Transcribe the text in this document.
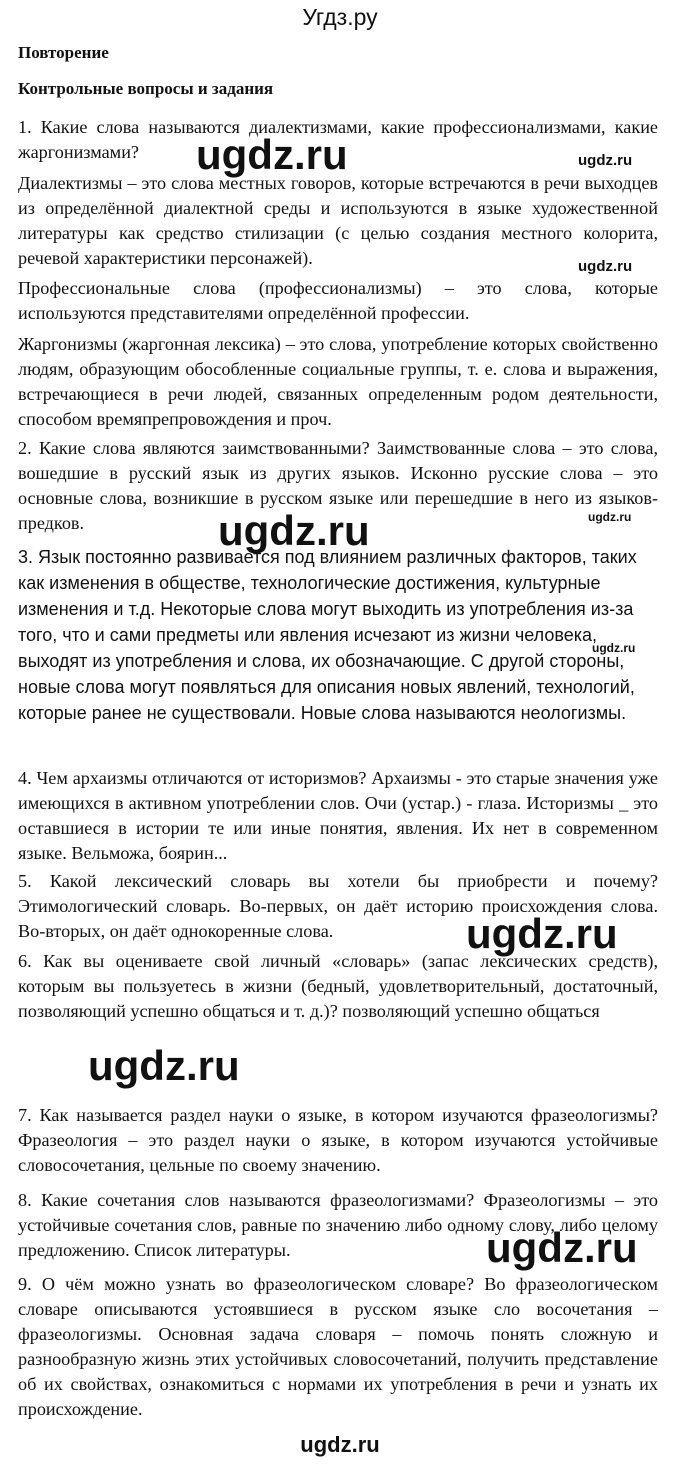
Угдз.ру
Повторение
Контрольные вопросы и задания

1. Какие слова называются диалектизмами, какие профессионализмами, какие жаргонизмами?

Диалектизмы – это слова местных говоров, которые встречаются в речи выходцев из определённой диалектной среды и используются в языке художественной литературы как средство стилизации (с целью создания местного колорита, речевой характеристики персонажей).

Профессиональные слова (профессионализмы) – это слова, которые используются представителями определённой профессии.

Жаргонизмы (жаргонная лексика) – это слова, употребление которых свойственно людям, образующим обособленные социальные группы, т. е. слова и выражения, встречающиеся в речи людей, связанных определенным родом деятельности, способом времяпрепровождения и проч.

2. Какие слова являются заимствованными? Заимствованные слова – это слова, вошедшие в русский язык из других языков. Исконно русские слова – это основные слова, возникшие в русском языке или перешедшие в него из языков-предков.

3. Язык постоянно развивается под влиянием различных факторов, таких как изменения в обществе, технологические достижения, культурные изменения и т.д. Некоторые слова могут выходить из употребления из-за того, что и сами предметы или явления исчезают из жизни человека, выходят из употребления и слова, их обозначающие. С другой стороны, новые слова могут появляться для описания новых явлений, технологий, которые ранее не существовали. Новые слова называются неологизмы.

4. Чем архаизмы отличаются от историзмов? Архаизмы - это старые значения уже имеющихся в активном употреблении слов. Очи (устар.) - глаза. Историзмы _ это оставшиеся в истории те или иные понятия, явления. Их нет в современном языке. Вельможа, боярин...

5. Какой лексический словарь вы хотели бы приобрести и почему? Этимологический словарь. Во-первых, он даёт историю происхождения слова. Во-вторых, он даёт однокоренные слова.

6. Как вы оцениваете свой личный «словарь» (запас лексических средств), которым вы пользуетесь в жизни (бедный, удовлетворительный, достаточный, позволяющий успешно общаться и т. д.)? позволяющий успешно общаться

7. Как называется раздел науки о языке, в котором изучаются фразеологизмы? Фразеология – это раздел науки о языке, в котором изучаются устойчивые словосочетания, цельные по своему значению.

8. Какие сочетания слов называются фразеологизмами? Фразеологизмы – это устойчивые сочетания слов, равные по значению либо одному слову, либо целому предложению. Список литературы.

9. О чём можно узнать во фразеологическом словаре? Во фразеологическом словаре описываются устоявшиеся в русском языке сло восочетания – фразеологизмы. Основная задача словаря – помочь понять сложную и разнообразную жизнь этих устойчивых словосочетаний, получить представление об их свойствах, ознакомиться с нормами их употребления в речи и узнать их происхождение.

ugdz.ru	ugdz.ru
ugdz.ru
ugdz.ru	ugdz.ru
ugdz.ru
ugdz.ru
ugdz.ru
ugdz.ru
ugdz.ru
